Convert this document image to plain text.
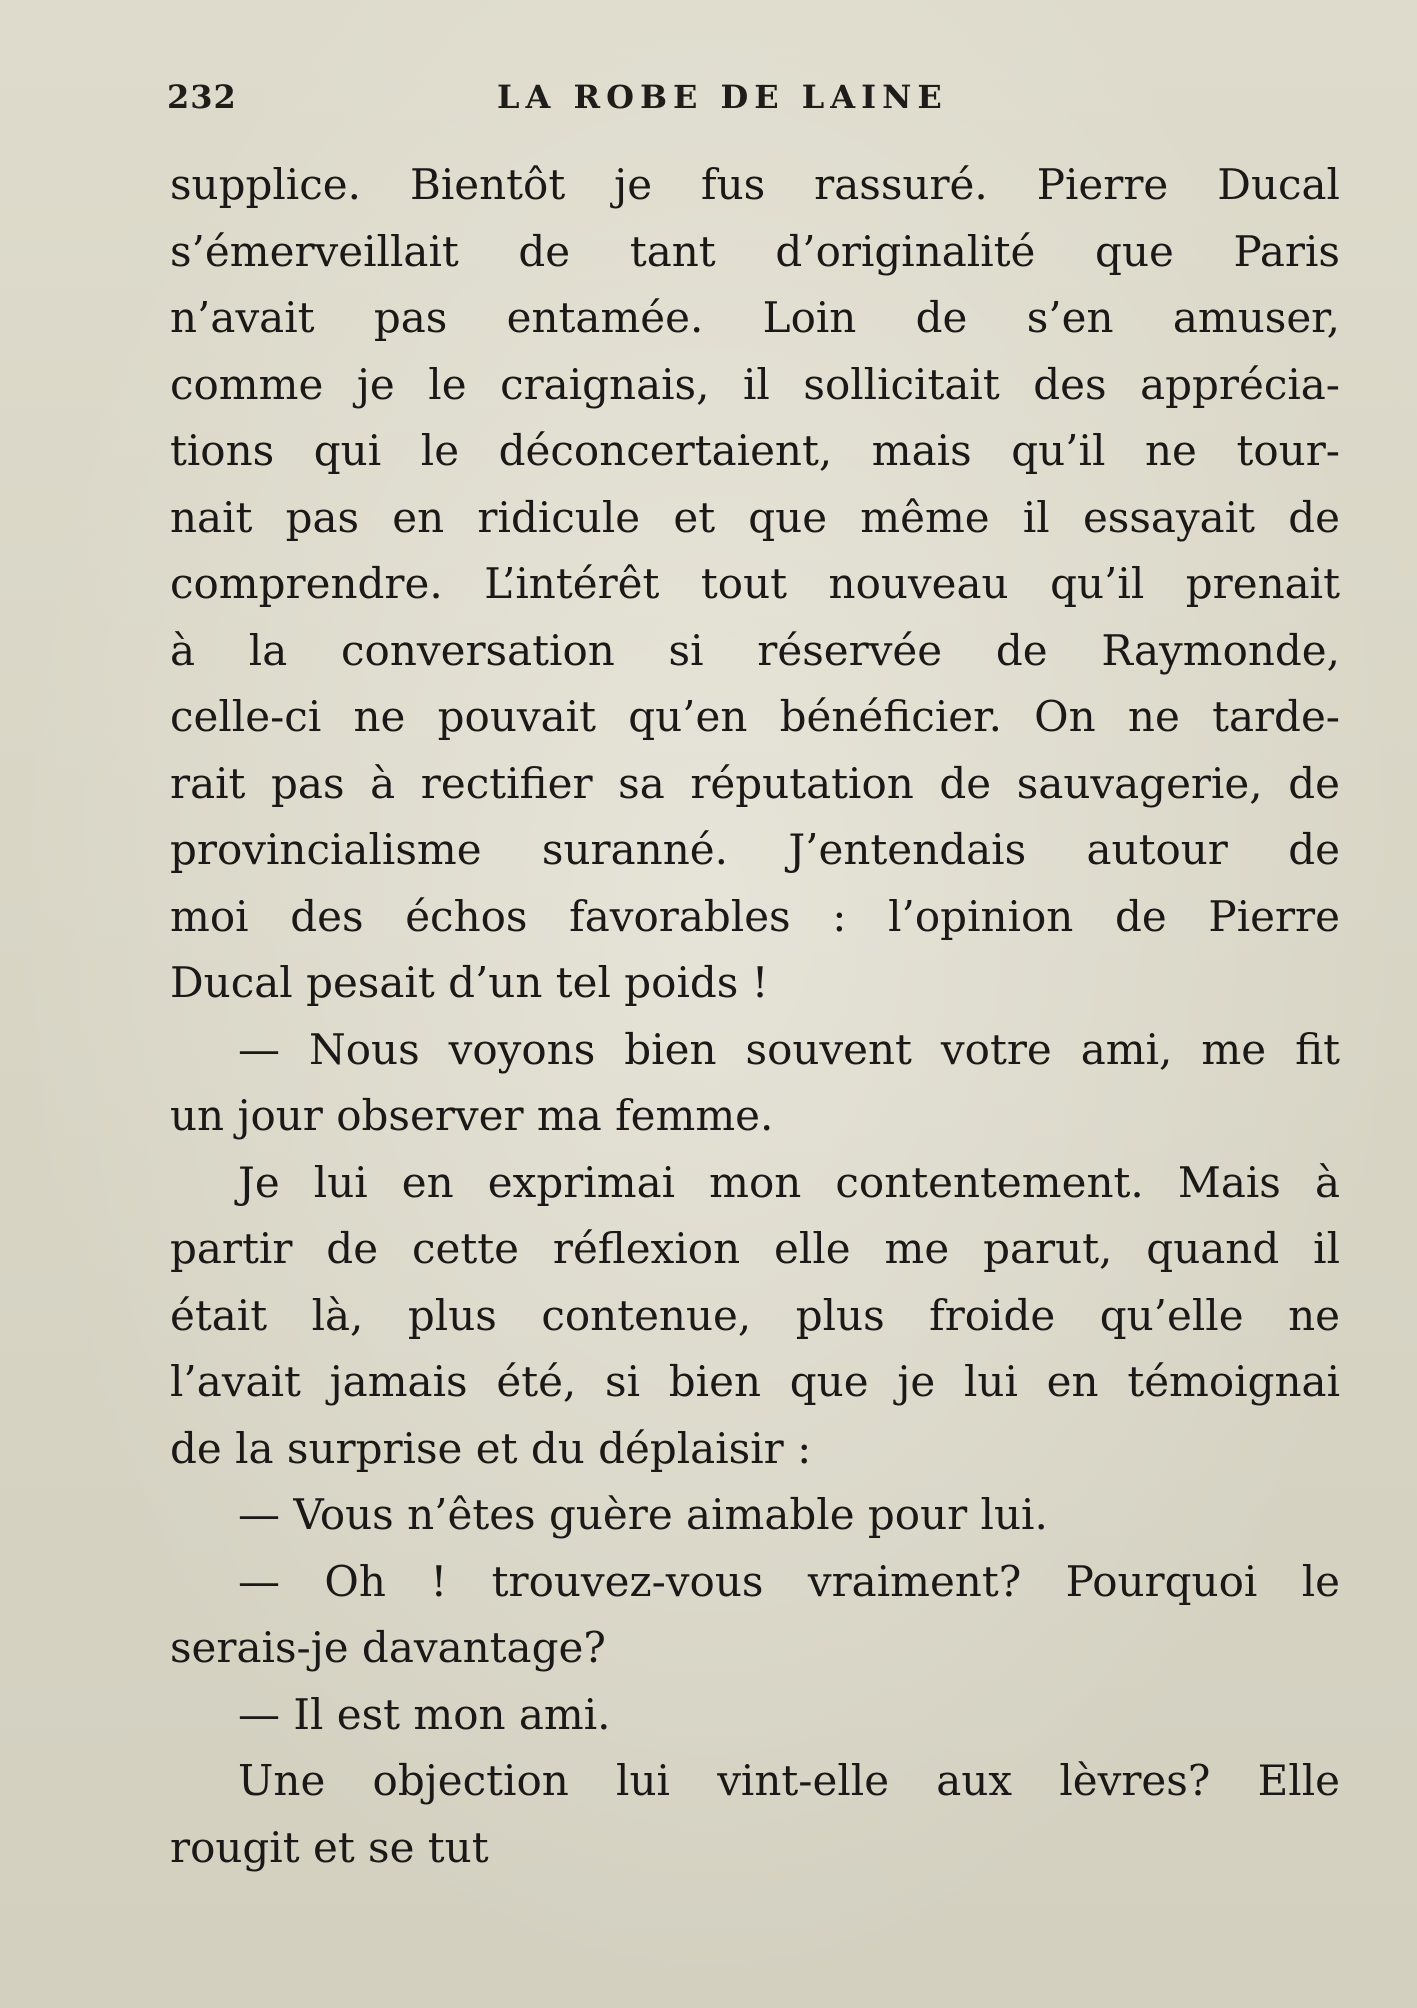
232	LA ROBE DE LAINE
supplice. Bientôt je fus rassuré. Pierre Ducal
s’émerveillait de tant d’originalité que Paris
n’avait pas entamée. Loin de s’en amuser,
comme je le craignais, il sollicitait des apprécia-
tions qui le déconcertaient, mais qu’il ne tour-
nait pas en ridicule et que même il essayait de
comprendre. L’intérêt tout nouveau qu’il prenait
à la conversation si réservée de Raymonde,
celle-ci ne pouvait qu’en bénéficier. On ne tarde-
rait pas à rectifier sa réputation de sauvagerie, de
provincialisme suranné. J’entendais autour de
moi des échos favorables : l’opinion de Pierre
Ducal pesait d’un tel poids !
— Nous voyons bien souvent votre ami, me fit
un jour observer ma femme.
Je lui en exprimai mon contentement. Mais à
partir de cette réflexion elle me parut, quand il
était là, plus contenue, plus froide qu’elle ne
l’avait jamais été, si bien que je lui en témoignai
de la surprise et du déplaisir :
— Vous n’êtes guère aimable pour lui.
— Oh ! trouvez-vous vraiment? Pourquoi le
serais-je davantage?
— Il est mon ami.
Une objection lui vint-elle aux lèvres? Elle
rougit et se tut
